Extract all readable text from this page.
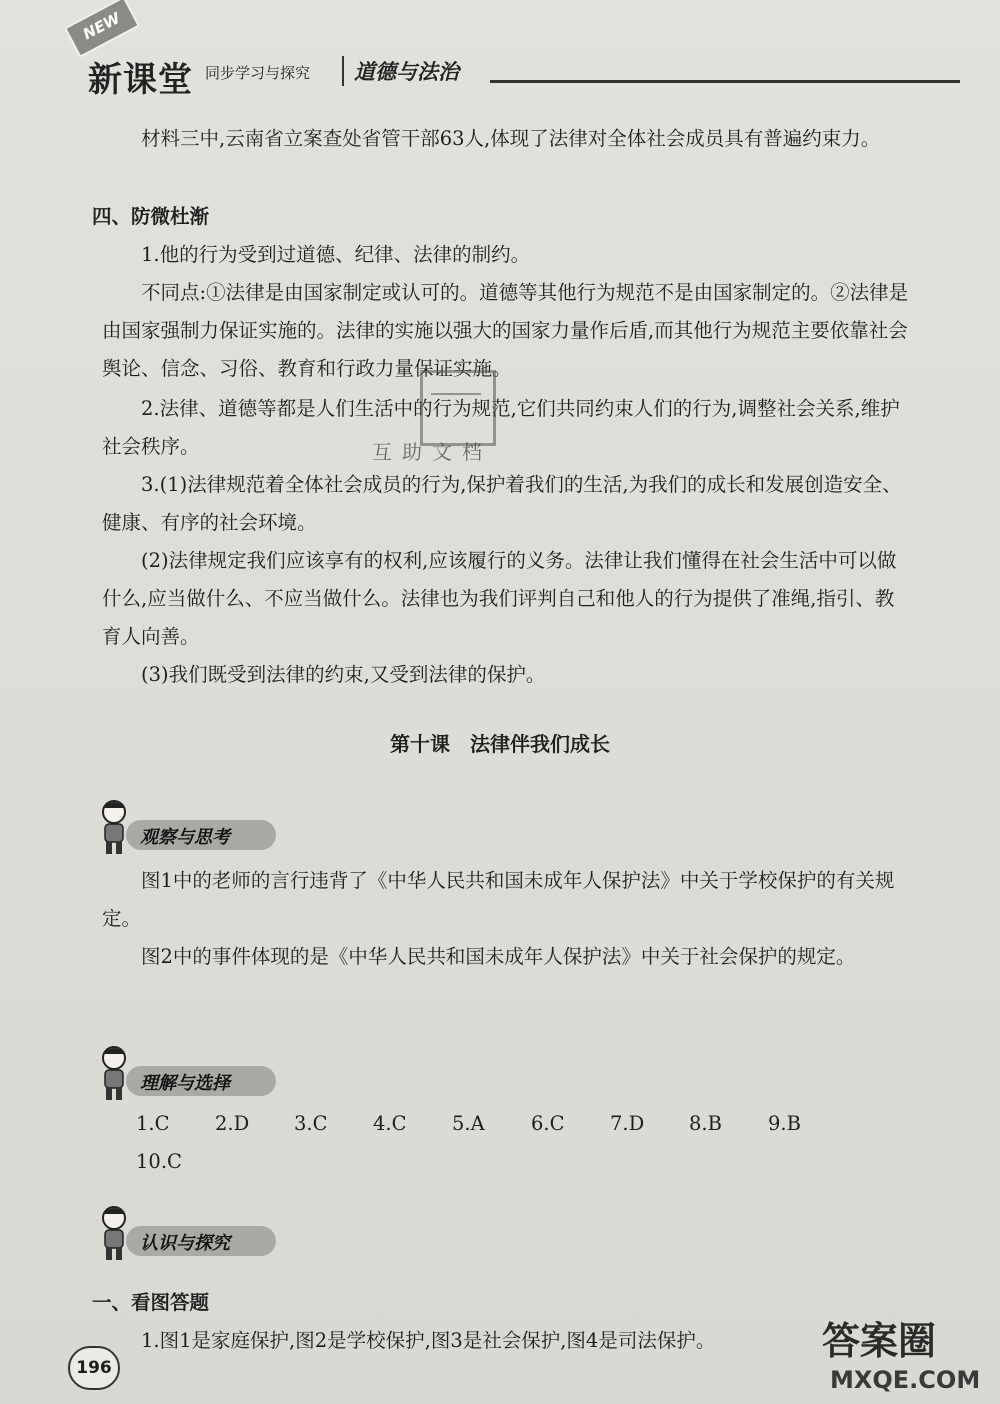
NEW
新课堂 同步学习与探究	道德与法治

材料三中,云南省立案查处省管干部63人,体现了法律对全体社会成员具有普遍约束力。

四、防微杜渐

1.他的行为受到过道德、纪律、法律的制约。

不同点:①法律是由国家制定或认可的。道德等其他行为规范不是由国家制定的。②法律是由国家强制力保证实施的。法律的实施以强大的国家力量作后盾,而其他行为规范主要依靠社会舆论、信念、习俗、教育和行政力量保证实施。

2.法律、道德等都是人们生活中的行为规范,它们共同约束人们的行为,调整社会关系,维护社会秩序。

3.(1)法律规范着全体社会成员的行为,保护着我们的生活,为我们的成长和发展创造安全、健康、有序的社会环境。

(2)法律规定我们应该享有的权利,应该履行的义务。法律让我们懂得在社会生活中可以做什么,应当做什么、不应当做什么。法律也为我们评判自己和他人的行为提供了准绳,指引、教育人向善。

(3)我们既受到法律的约束,又受到法律的保护。

互助文档
第十课　法律伴我们成长
观察与思考

图1中的老师的言行违背了《中华人民共和国未成年人保护法》中关于学校保护的有关规定。

图2中的事件体现的是《中华人民共和国未成年人保护法》中关于社会保护的规定。

理解与选择
1.C 2.D 3.C 4.C 5.A 6.C 7.D 8.B 9.B
10.C
认识与探究

一、看图答题

1.图1是家庭保护,图2是学校保护,图3是社会保护,图4是司法保护。

196
答案圈
MXQE.COM
